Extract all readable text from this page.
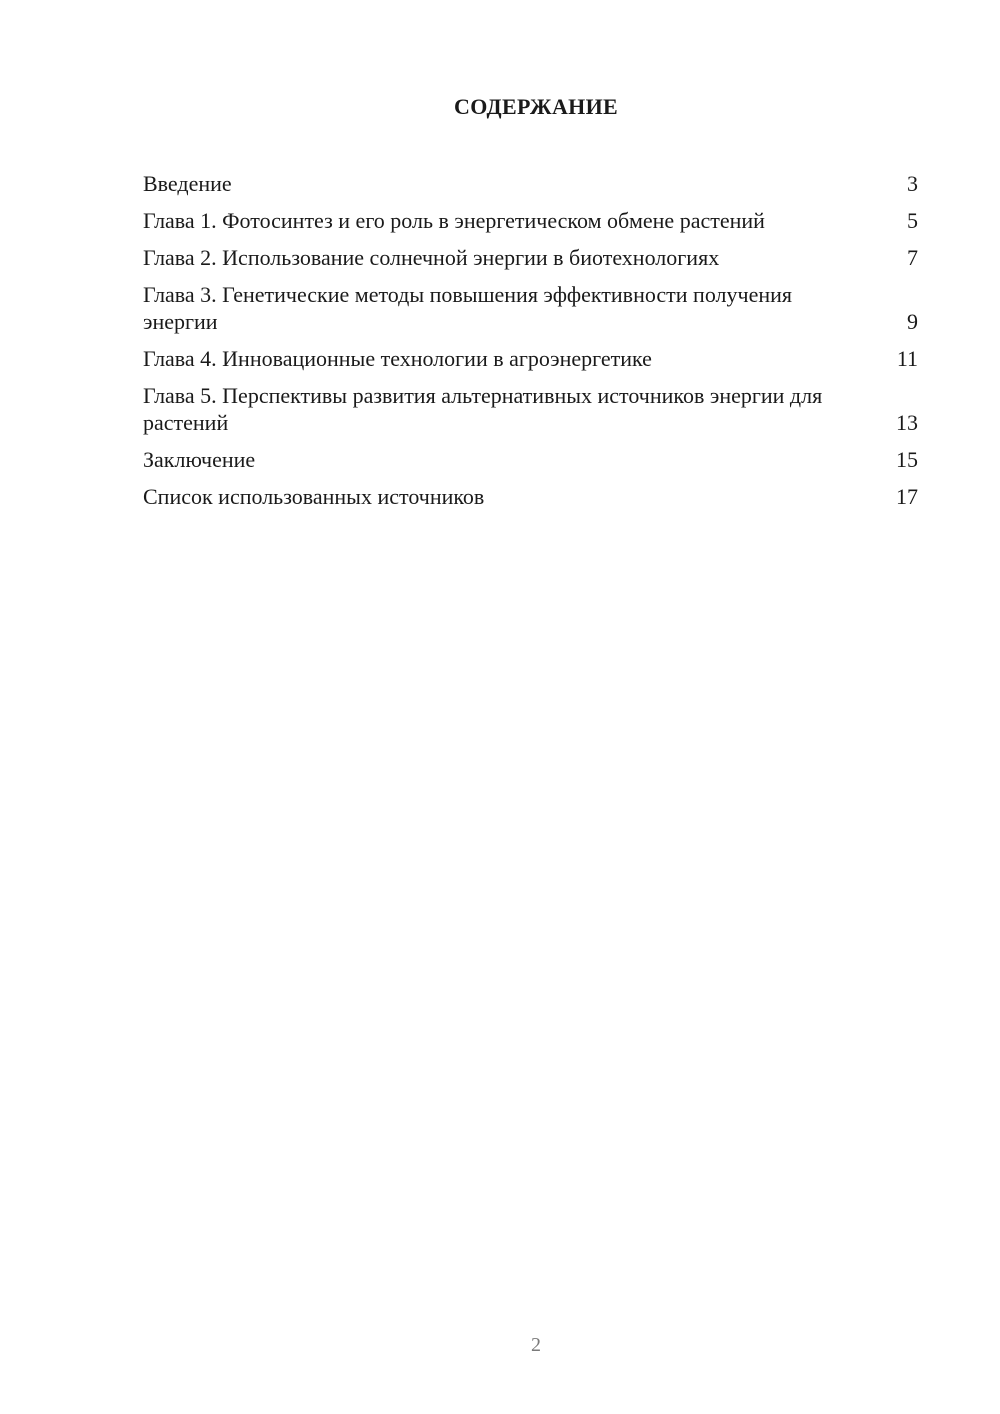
СОДЕРЖАНИЕ
Введение	3
Глава 1. Фотосинтез и его роль в энергетическом обмене растений	5
Глава 2. Использование солнечной энергии в биотехнологиях	7
Глава 3. Генетические методы повышения эффективности получения энергии	9
Глава 4. Инновационные технологии в агроэнергетике	11
Глава 5. Перспективы развития альтернативных источников энергии для растений	13
Заключение	15
Список использованных источников	17
2
